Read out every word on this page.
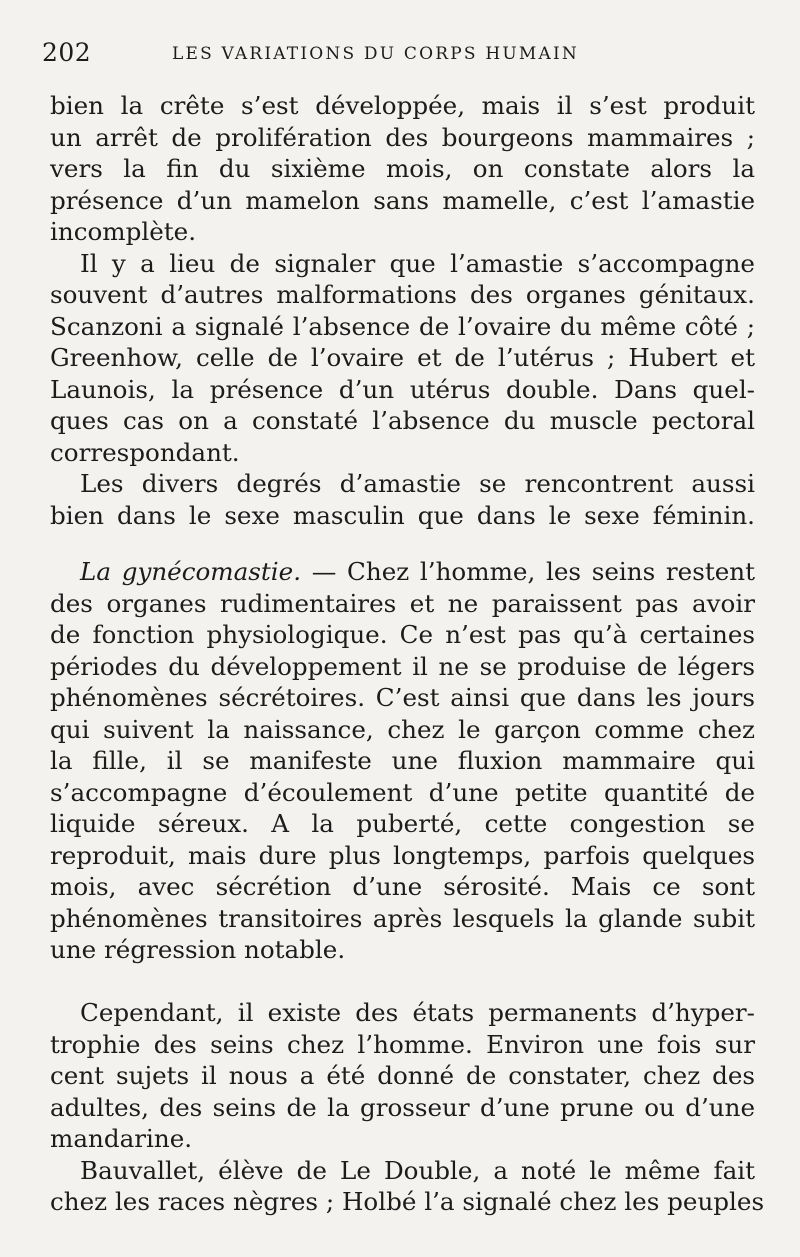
202	LES VARIATIONS DU CORPS HUMAIN
bien la crête s’est développée, mais il s’est produit
un arrêt de prolifération des bourgeons mammaires ;
vers la fin du sixième mois, on constate alors la
présence d’un mamelon sans mamelle, c’est l’amastie
incomplète.
Il y a lieu de signaler que l’amastie s’accompagne
souvent d’autres malformations des organes génitaux.
Scanzoni a signalé l’absence de l’ovaire du même côté ;
Greenhow, celle de l’ovaire et de l’utérus ; Hubert et
Launois, la présence d’un utérus double. Dans quel-
ques cas on a constaté l’absence du muscle pectoral
correspondant.
Les divers degrés d’amastie se rencontrent aussi
bien dans le sexe masculin que dans le sexe féminin.
La gynécomastie. — Chez l’homme, les seins restent
des organes rudimentaires et ne paraissent pas avoir
de fonction physiologique. Ce n’est pas qu’à certaines
périodes du développement il ne se produise de légers
phénomènes sécrétoires. C’est ainsi que dans les jours
qui suivent la naissance, chez le garçon comme chez
la fille, il se manifeste une fluxion mammaire qui
s’accompagne d’écoulement d’une petite quantité de
liquide séreux. A la puberté, cette congestion se
reproduit, mais dure plus longtemps, parfois quelques
mois, avec sécrétion d’une sérosité. Mais ce sont
phénomènes transitoires après lesquels la glande subit
une régression notable.
Cependant, il existe des états permanents d’hyper-
trophie des seins chez l’homme. Environ une fois sur
cent sujets il nous a été donné de constater, chez des
adultes, des seins de la grosseur d’une prune ou d’une
mandarine.
Bauvallet, élève de Le Double, a noté le même fait
chez les races nègres ; Holbé l’a signalé chez les peuples
